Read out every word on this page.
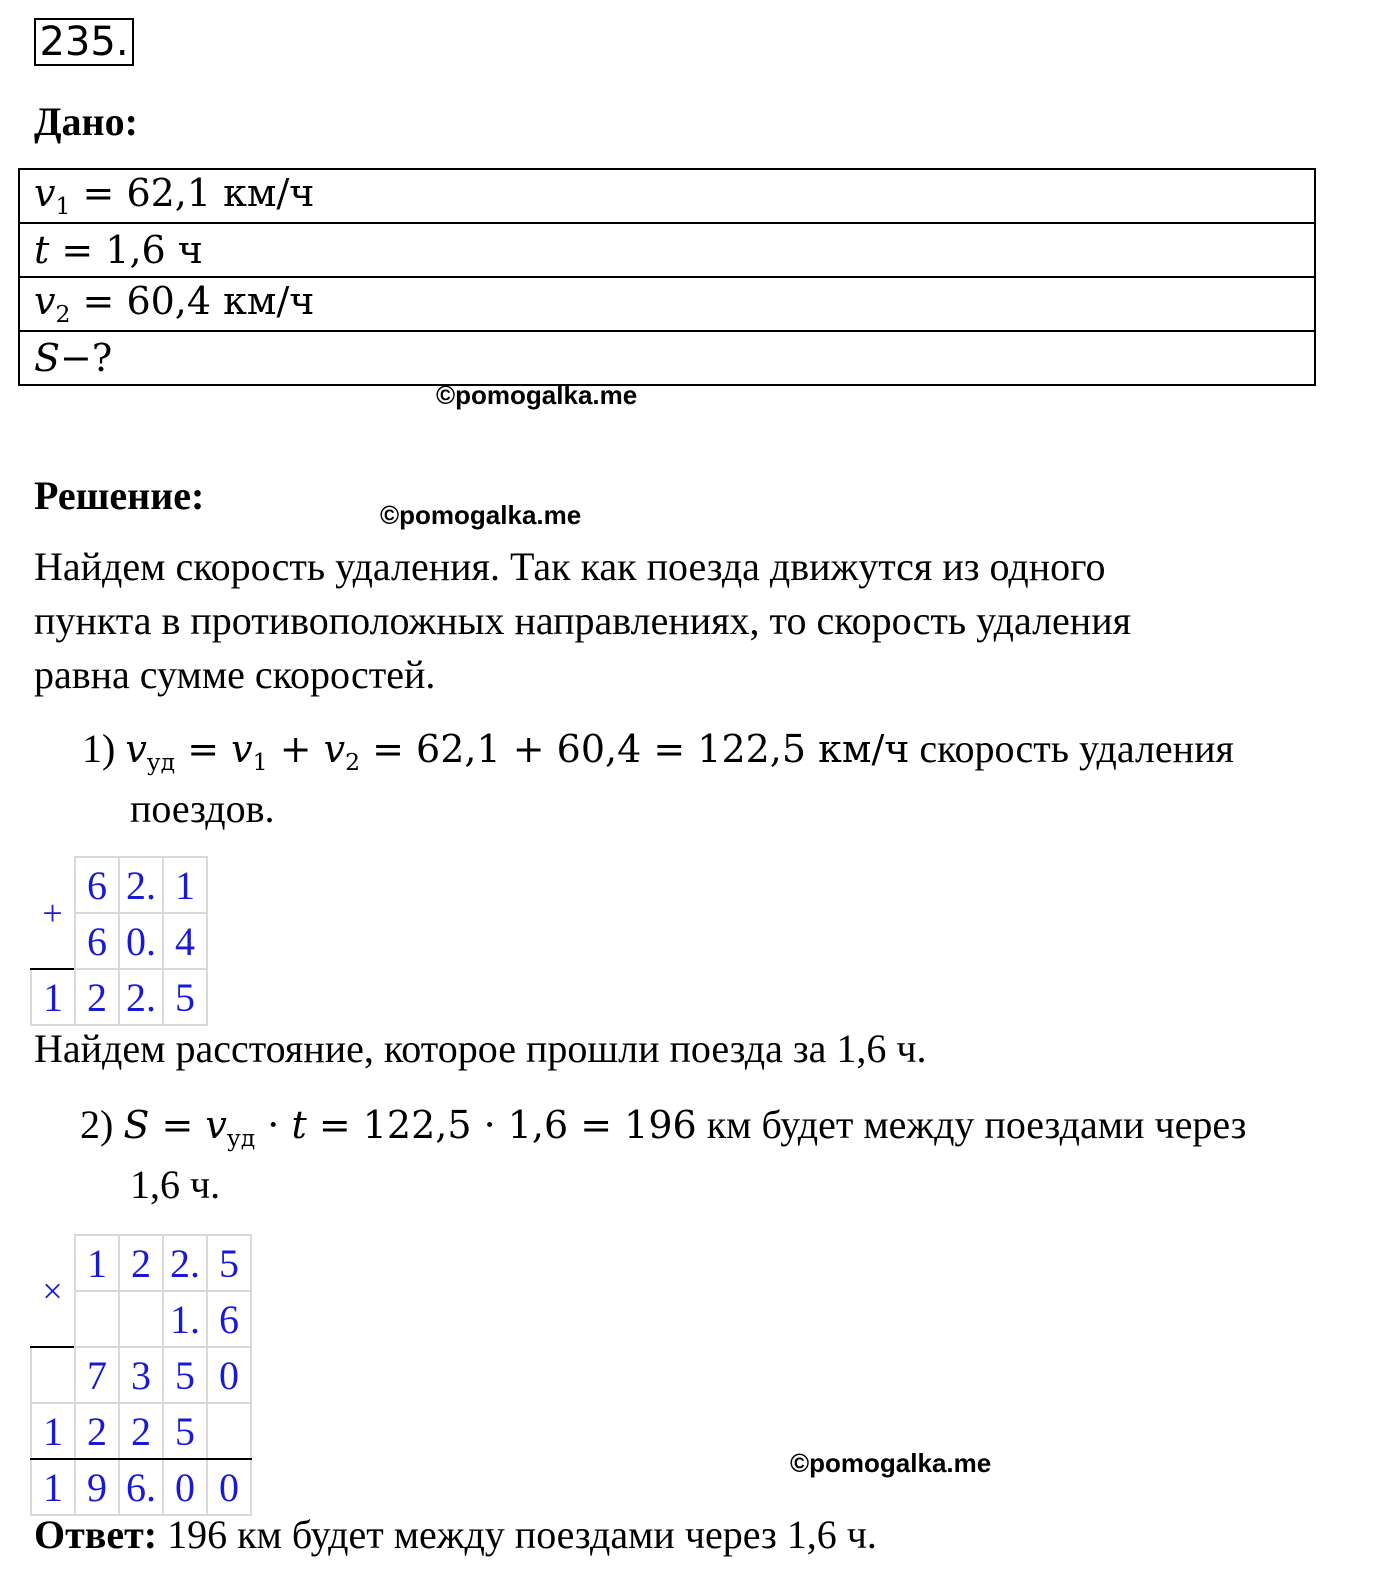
235.
Дано:
$v_1 = 62,1$ км/ч
t = 1,6 ч
$v_2 = 60,4$ км/ч
S−?
©pomogalka.me
Решение:	©pomogalka.me
Найдем скорость удаления. Так как поезда движутся из одного
пункта в противоположных направлениях, то скорость удаления
равна сумме скоростей.
1) $v_{уд} = v_1 + v_2 = 62,1 + 60,4 = 122,5$ км/ч скорость удаления
поездов.
+	6	2.	1
	6	0.	4
1	2	2.	5
Найдем расстояние, которое прошли поезда за 1,6 ч.
2) $S = v_{уд} \cdot t = 122,5 \cdot 1,6 = 196$ км будет между поездами через
1,6 ч.
×	1	2	2.	5
			1.	6
	7	3	5	0
1	2	2	5	
1	9	6.	0	0
©pomogalka.me
Ответ: 196 км будет между поездами через 1,6 ч.
